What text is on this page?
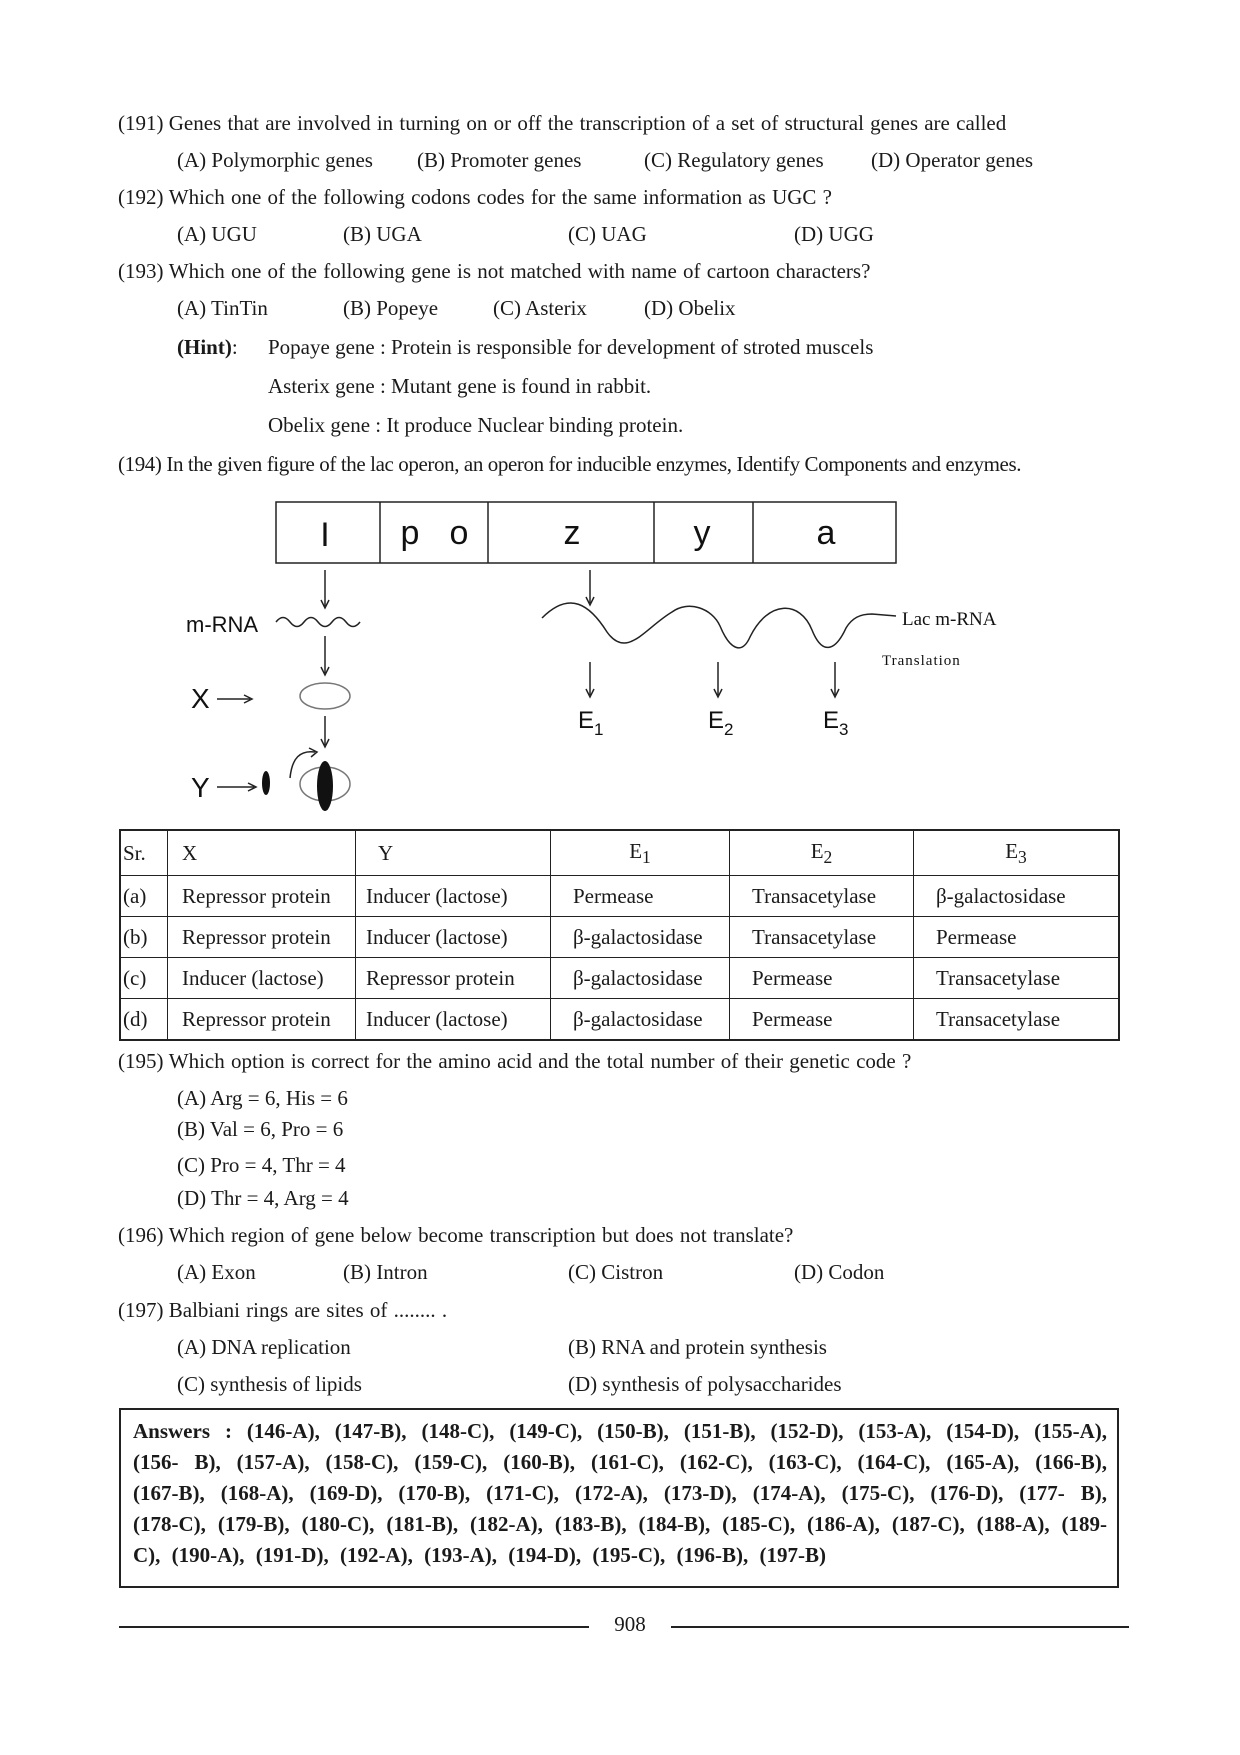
(191) Genes that are involved in turning on or off the transcription of a set of structural genes are called
(A) Polymorphic genes (B) Promoter genes	(C) Regulatory genes (D) Operator genes
(192) Which one of the following codons codes for the same information as UGC ?
(A) UGU	(B) UGA	(C) UAG	(D) UGG
(193) Which one of the following gene is not matched with name of cartoon characters?
(A) TinTin	(B) Popeye	(C) Asterix	(D) Obelix
(Hint): Popaye gene : Protein is responsible for development of stroted muscels
Asterix gene : Mutant gene is found in rabbit.
Obelix gene : It produce Nuclear binding protein.
(194) In the given figure of the lac operon, an operon for inducible enzymes, Identify Components and enzymes.
I p o	z	y	a
m-RNA
X
Y
$E_1$	$E_2$	$E_3$
Lac m-RNA
Translation
Sr.	X	Y	$E_1$	$E_2$	$E_3$
(a)	Repressor protein	Inducer (lactose)	Permease	Transacetylase	β-galactosidase
(b)	Repressor protein	Inducer (lactose)	β-galactosidase	Transacetylase	Permease
(c)	Inducer (lactose)	Repressor protein	β-galactosidase	Permease	Transacetylase
(d)	Repressor protein	Inducer (lactose)	β-galactosidase	Permease	Transacetylase
(195) Which option is correct for the amino acid and the total number of their genetic code ?
(A) Arg = 6, His = 6
(B) Val = 6, Pro = 6
(C) Pro = 4, Thr = 4
(D) Thr = 4, Arg = 4
(196) Which region of gene below become transcription but does not translate?
(A) Exon	(B) Intron	(C) Cistron	(D) Codon
(197) Balbiani rings are sites of ........ .
(A) DNA replication	(B) RNA and protein synthesis
(C) synthesis of lipids	(D) synthesis of polysaccharides
Answers : (146-A), (147-B), (148-C), (149-C), (150-B), (151-B), (152-D), (153-A), (154-D), (155-A), (156- B), (157-A), (158-C), (159-C), (160-B), (161-C), (162-C), (163-C), (164-C), (165-A), (166-B), (167-B), (168-A), (169-D), (170-B), (171-C), (172-A), (173-D), (174-A), (175-C), (176-D), (177- B), (178-C), (179-B), (180-C), (181-B), (182-A), (183-B), (184-B), (185-C), (186-A), (187-C), (188-A), (189-C), (190-A), (191-D), (192-A), (193-A), (194-D), (195-C), (196-B), (197-B)
908
